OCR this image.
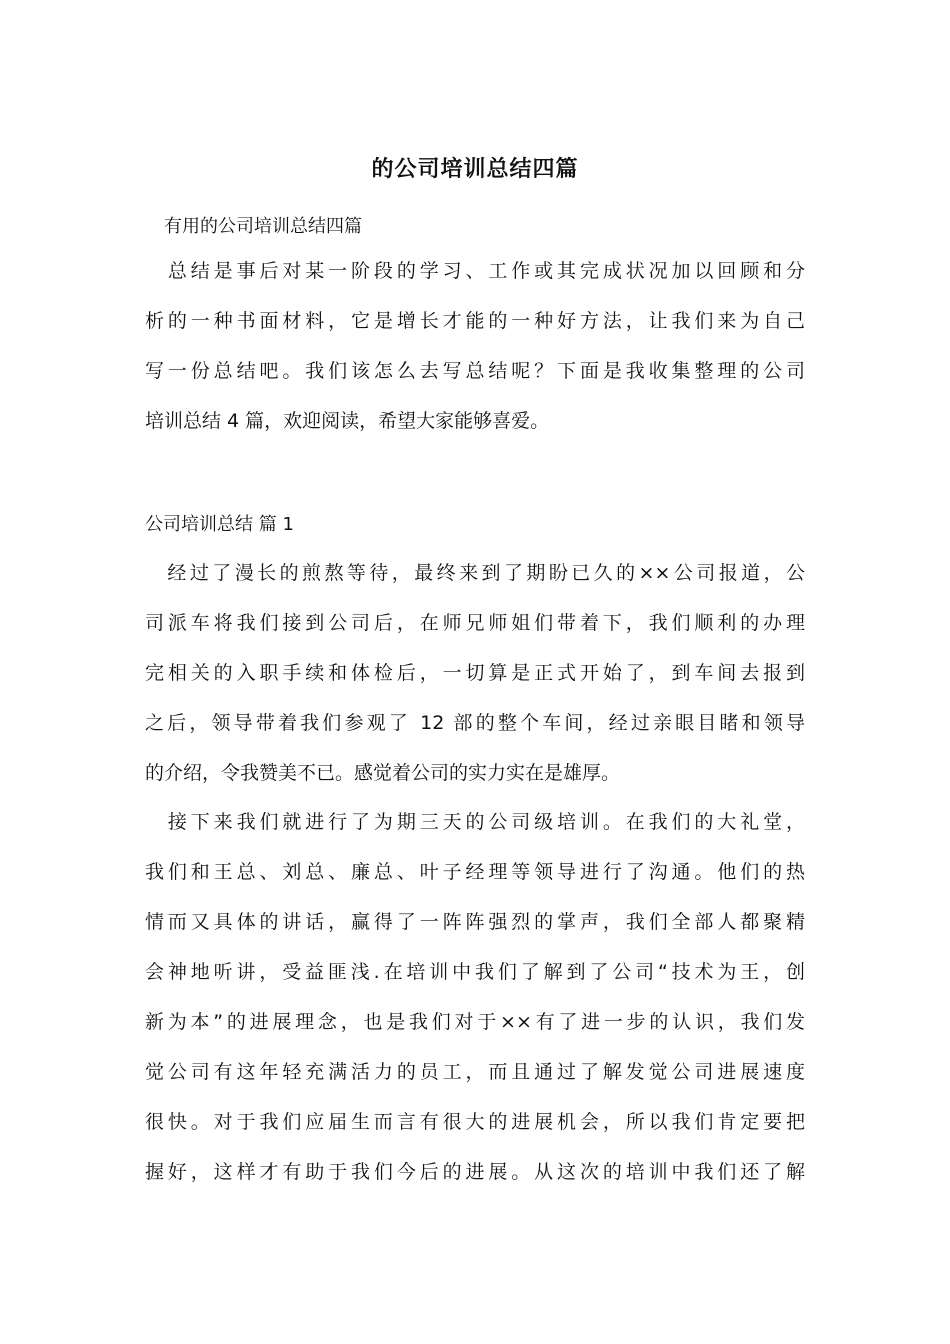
的公司培训总结四篇
有用的公司培训总结四篇
　总结是事后对某一阶段的学习、工作或其完成状况加以回顾和分
析的一种书面材料，它是增长才能的一种好方法，让我们来为自己
写一份总结吧。我们该怎么去写总结呢？下面是我收集整理的公司
培训总结 4 篇，欢迎阅读，希望大家能够喜爱。
公司培训总结 篇 1
　经过了漫长的煎熬等待，最终来到了期盼已久的××公司报道，公
司派车将我们接到公司后，在师兄师姐们带着下，我们顺利的办理
完相关的入职手续和体检后，一切算是正式开始了，到车间去报到
之后，领导带着我们参观了 12 部的整个车间，经过亲眼目睹和领导
的介绍，令我赞美不已。感觉着公司的实力实在是雄厚。
　接下来我们就进行了为期三天的公司级培训。在我们的大礼堂，
我们和王总、刘总、廉总、叶子经理等领导进行了沟通。他们的热
情而又具体的讲话，赢得了一阵阵强烈的掌声，我们全部人都聚精
会神地听讲，受益匪浅.在培训中我们了解到了公司“技术为王，创
新为本”的进展理念，也是我们对于××有了进一步的认识，我们发
觉公司有这年轻充满活力的员工，而且通过了解发觉公司进展速度
很快。对于我们应届生而言有很大的进展机会，所以我们肯定要把
握好，这样才有助于我们今后的进展。从这次的培训中我们还了解
